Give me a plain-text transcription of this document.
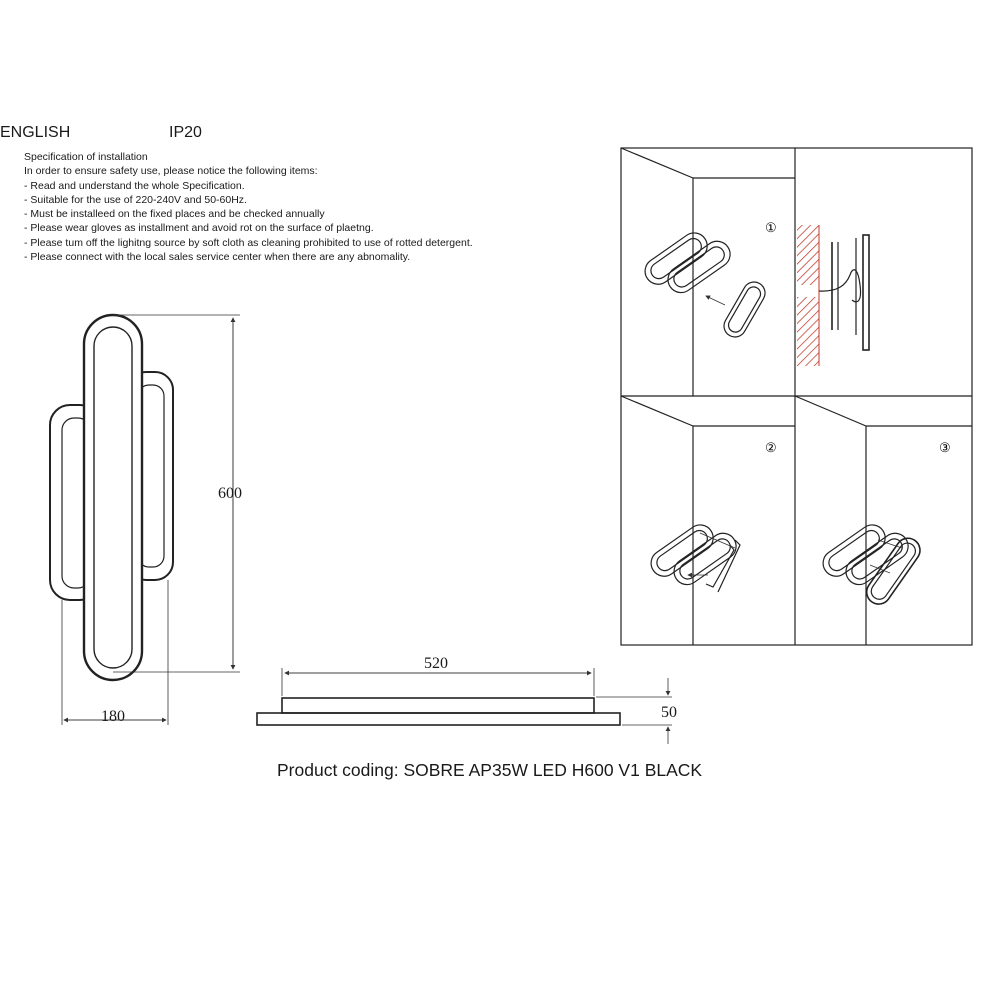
ENGLISH	IP20
Specification of installation
In order to ensure safety use, please notice the following items:
- Read and understand the whole Specification.
- Suitable for the use of 220-240V and 50-60Hz.
- Must be installeed on the fixed places and be checked annually
- Please wear gloves as installment and avoid rot on the surface of plaetng.
- Please tum off the lighitng source by soft cloth as cleaning prohibited to use of rotted detergent.
- Please connect with the local sales service center when there are any abnomality.
①
②	③
600
180
520
50
Product coding: SOBRE AP35W LED H600 V1 BLACK
